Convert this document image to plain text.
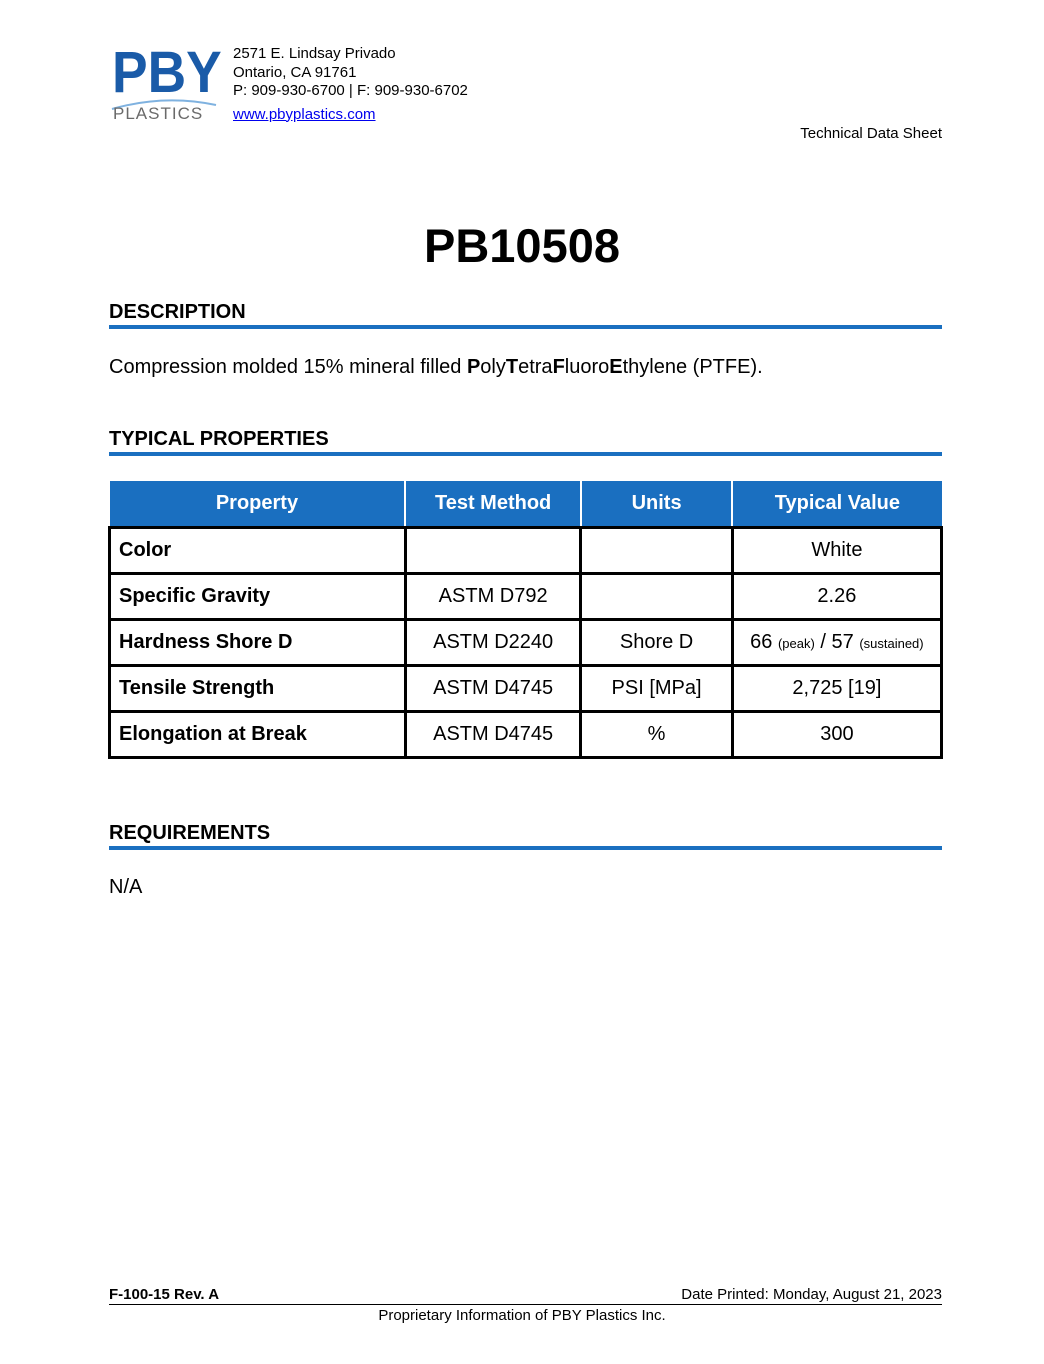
PBY
PLASTICS
2571 E. Lindsay Privado
Ontario, CA 91761
P: 909-930-6700 | F: 909-930-6702
www.pbyplastics.com
Technical Data Sheet
PB10508
DESCRIPTION
Compression molded 15% mineral filled PolyTetraFluoroEthylene (PTFE).
TYPICAL PROPERTIES
Property	Test Method	Units	Typical Value
Color			White
Specific Gravity	ASTM D792		2.26
Hardness Shore D	ASTM D2240	Shore D	66 (peak) / 57 (sustained)
Tensile Strength	ASTM D4745	PSI [MPa]	2,725 [19]
Elongation at Break	ASTM D4745	%	300
REQUIREMENTS
N/A
F-100-15 Rev. A	Date Printed: Monday, August 21, 2023
Proprietary Information of PBY Plastics Inc.
